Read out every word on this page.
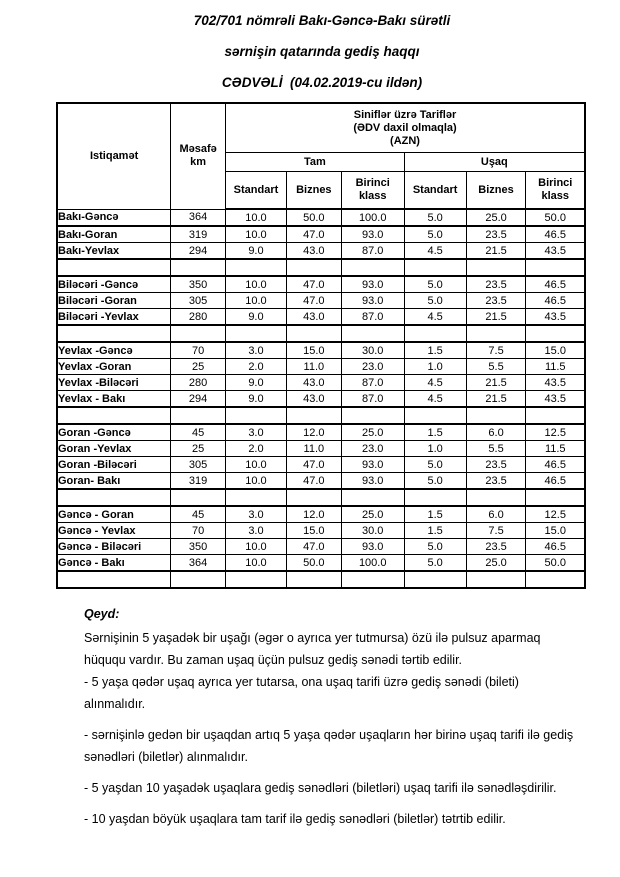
702/701 nömrəli Bakı-Gəncə-Bakı sürətli
sərnişin qatarında gediş haqqı
CƏDVƏLİ  (04.02.2019-cu ildən)
Istiqamət	Məsafə
km	
Siniflər üzrə Tariflər
(ƏDV daxil olmaqla)
(AZN)

		Tam			Uşaq		
		Standart	Biznes	Birinci klass	Standart	Biznes	Birinci klass
Bakı-Gəncə	364	10.0	50.0	100.0	5.0	25.0	50.0
Bakı-Goran	319	10.0	47.0	93.0	5.0	23.5	46.5
Bakı-Yevlax	294	9.0	43.0	87.0	4.5	21.5	43.5

Biləcəri -Gəncə	350	10.0	47.0	93.0	5.0	23.5	46.5
Biləcəri -Goran	305	10.0	47.0	93.0	5.0	23.5	46.5
Biləcəri -Yevlax	280	9.0	43.0	87.0	4.5	21.5	43.5

Yevlax -Gəncə	70	3.0	15.0	30.0	1.5	7.5	15.0
Yevlax -Goran	25	2.0	11.0	23.0	1.0	5.5	11.5
Yevlax -Biləcəri	280	9.0	43.0	87.0	4.5	21.5	43.5
Yevlax - Bakı	294	9.0	43.0	87.0	4.5	21.5	43.5

Goran -Gəncə	45	3.0	12.0	25.0	1.5	6.0	12.5
Goran -Yevlax	25	2.0	11.0	23.0	1.0	5.5	11.5
Goran -Biləcəri	305	10.0	47.0	93.0	5.0	23.5	46.5
Goran- Bakı	319	10.0	47.0	93.0	5.0	23.5	46.5

Gəncə - Goran	45	3.0	12.0	25.0	1.5	6.0	12.5
Gəncə - Yevlax	70	3.0	15.0	30.0	1.5	7.5	15.0
Gəncə - Biləcəri	350	10.0	47.0	93.0	5.0	23.5	46.5
Gəncə - Bakı	364	10.0	50.0	100.0	5.0	25.0	50.0

Qeyd:

Sərnişinin 5 yaşadək bir uşağı (əgər o ayrıca yer tutmursa) özü ilə pulsuz aparmaq hüququ vardır. Bu zaman uşaq üçün pulsuz gediş sənədi tərtib edilir.

- 5 yaşa qədər uşaq ayrıca yer tutarsa, ona uşaq tarifi üzrə gediş sənədi (bileti) alınmalıdır.

- sərnişinlə gedən bir uşaqdan artıq 5 yaşa qədər uşaqların hər birinə uşaq tarifi ilə gediş sənədləri (biletlər) alınmalıdır.

- 5 yaşdan 10 yaşadək uşaqlara gediş sənədləri (biletləri) uşaq tarifi ilə sənədləşdirilir.

- 10 yaşdan böyük uşaqlara tam tarif ilə gediş sənədləri (biletlər) tətrtib edilir.
